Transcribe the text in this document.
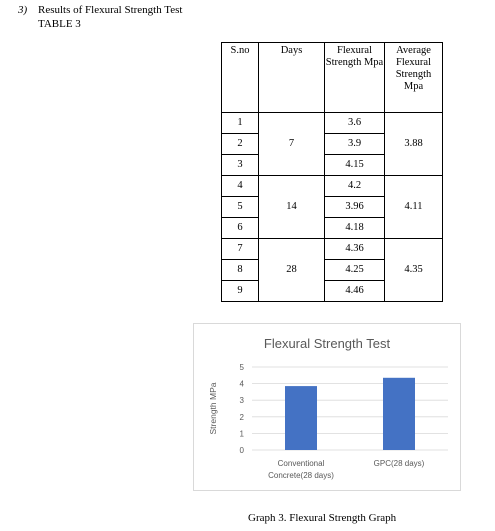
3) Results of Flexural Strength Test
TABLE 3
S.no	Days	Flexural Strength Mpa	Average Flexural Strength Mpa
1	7	3.6	3.88
2		3.9	
3		4.15	
4	14	4.2	4.11
5		3.96	
6		4.18	
7	28	4.36	4.35
8		4.25	
9		4.46	
Flexural Strength Test
0
1
2
3
4
5
Strength MPa
Conventional
Concrete(28 days)
GPC(28 days)
Graph 3. Flexural Strength Graph
